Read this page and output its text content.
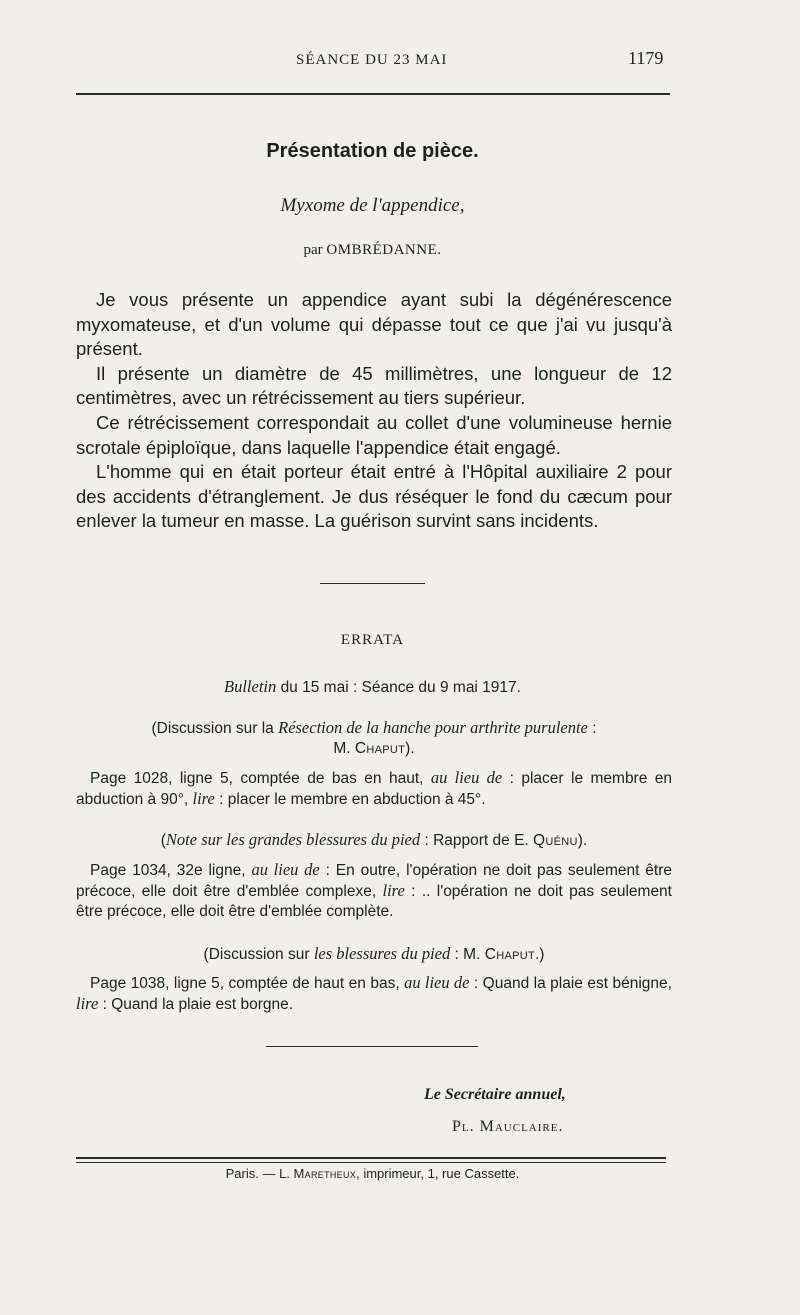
SÉANCE DU 23 MAI	1179
Présentation de pièce.
Myxome de l'appendice,
par OMBRÉDANNE.

Je vous présente un appendice ayant subi la dégénérescence myxomateuse, et d'un volume qui dépasse tout ce que j'ai vu jusqu'à présent.

Il présente un diamètre de 45 millimètres, une longueur de 12 centimètres, avec un rétrécissement au tiers supérieur.

Ce rétrécissement correspondait au collet d'une volumineuse hernie scrotale épiploïque, dans laquelle l'appendice était engagé.

L'homme qui en était porteur était entré à l'Hôpital auxiliaire 2 pour des accidents d'étranglement. Je dus réséquer le fond du cæcum pour enlever la tumeur en masse. La guérison survint sans incidents.

ERRATA
Bulletin du 15 mai : Séance du 9 mai 1917.
(Discussion sur la Résection de la hanche pour arthrite purulente :
M. Chaput).
Page 1028, ligne 5, comptée de bas en haut, au lieu de : placer le membre en abduction à 90°, lire : placer le membre en abduction à 45°.
(Note sur les grandes blessures du pied : Rapport de E. Quénu).
Page 1034, 32e ligne, au lieu de : En outre, l'opération ne doit pas seulement être précoce, elle doit être d'emblée complexe, lire : .. l'opération ne doit pas seulement être précoce, elle doit être d'emblée complète.
(Discussion sur les blessures du pied : M. Chaput.)
Page 1038, ligne 5, comptée de haut en bas, au lieu de : Quand la plaie est bénigne, lire : Quand la plaie est borgne.
Le Secrétaire annuel,
Pl. Mauclaire.
Paris. — L. Maretheux, imprimeur, 1, rue Cassette.
